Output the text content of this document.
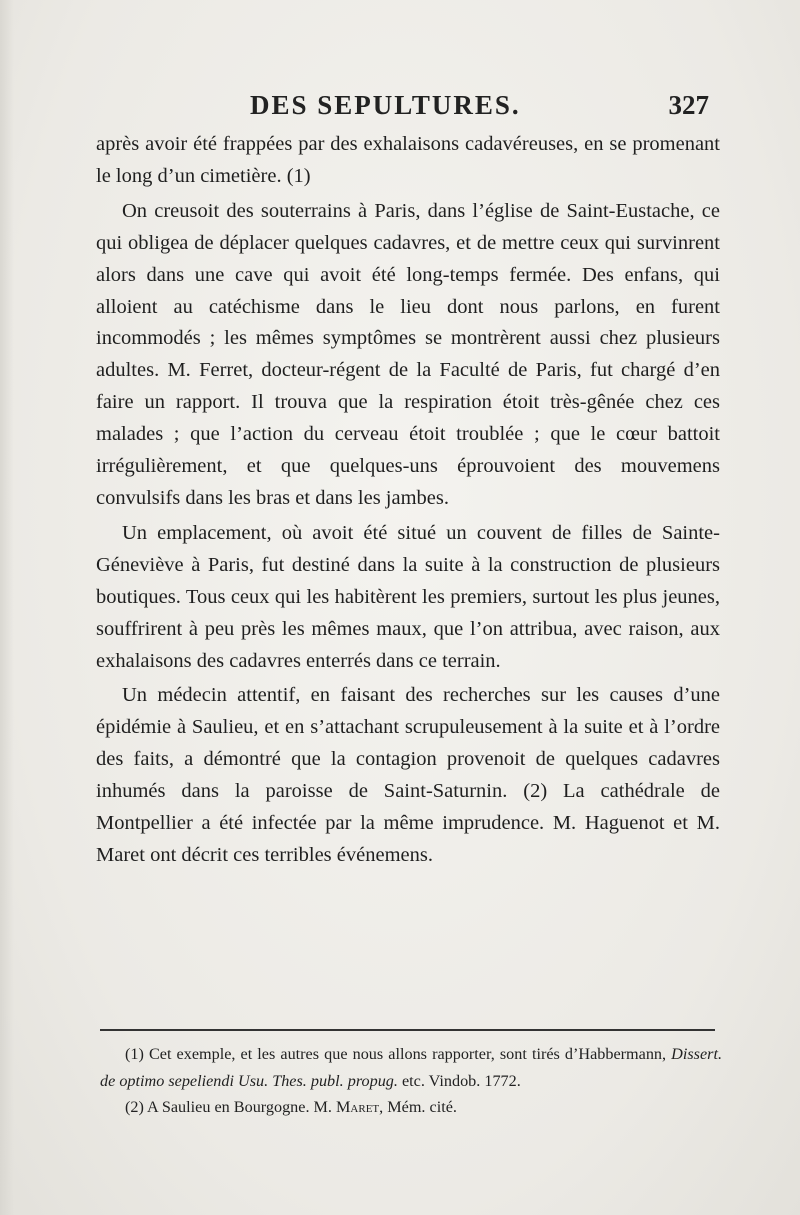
DES SEPULTURES.	327

après avoir été frappées par des exhalaisons cadavéreuses, en se promenant le long d’un cimetière. (1)

On creusoit des souterrains à Paris, dans l’église de Saint-Eustache, ce qui obligea de déplacer quelques cadavres, et de mettre ceux qui survinrent alors dans une cave qui avoit été long-temps fermée. Des enfans, qui alloient au catéchisme dans le lieu dont nous parlons, en furent incommodés ; les mêmes symptômes se montrèrent aussi chez plusieurs adultes. M. Ferret, docteur-régent de la Faculté de Paris, fut chargé d’en faire un rapport. Il trouva que la respiration étoit très-gênée chez ces malades ; que l’action du cerveau étoit troublée ; que le cœur battoit irrégulièrement, et que quelques-uns éprouvoient des mouvemens convulsifs dans les bras et dans les jambes.

Un emplacement, où avoit été situé un couvent de filles de Sainte-Géneviève à Paris, fut destiné dans la suite à la construction de plusieurs boutiques. Tous ceux qui les habitèrent les premiers, surtout les plus jeunes, souffrirent à peu près les mêmes maux, que l’on attribua, avec raison, aux exhalaisons des cadavres enterrés dans ce terrain.

Un médecin attentif, en faisant des recherches sur les causes d’une épidémie à Saulieu, et en s’attachant scrupuleusement à la suite et à l’ordre des faits, a démontré que la contagion provenoit de quelques cadavres inhumés dans la paroisse de Saint-Saturnin. (2) La cathédrale de Montpellier a été infectée par la même imprudence. M. Haguenot et M. Maret ont décrit ces terribles événemens.

(1) Cet exemple, et les autres que nous allons rapporter, sont tirés d’Habbermann, Dissert. de optimo sepeliendi Usu. Thes. publ. propug. etc. Vindob. 1772.

(2) A Saulieu en Bourgogne. M. Maret, Mém. cité.
